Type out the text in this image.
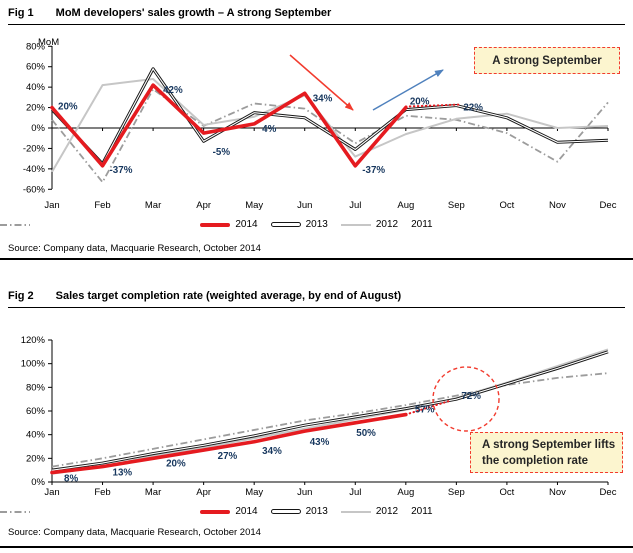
Fig 1 MoM developers' sales growth – A strong September
80%
60%
40%
20%
0%
-20%
-40%
-60%
MoM
Jan	Feb	Mar	Apr	May	Jun	Jul	Aug	Sep	Oct	Nov	Dec
20%
-37%
42%
-5%
4%
34%
-37%
20%
22%
A strong September
2014	2013	2012 2011
Source: Company data, Macquarie Research, October 2014
Fig 2 Sales target completion rate (weighted average, by end of August)
120%
100%
80%
60%
40%
20%
0%
Jan	Feb	Mar	Apr	May	Jun	Jul	Aug	Sep	Oct	Nov	Dec
8%
13%
20%
27%	34%
43%
50%
57%
72%
A strong September lifts
the completion rate
2014	2013	2012 2011
Source: Company data, Macquarie Research, October 2014
